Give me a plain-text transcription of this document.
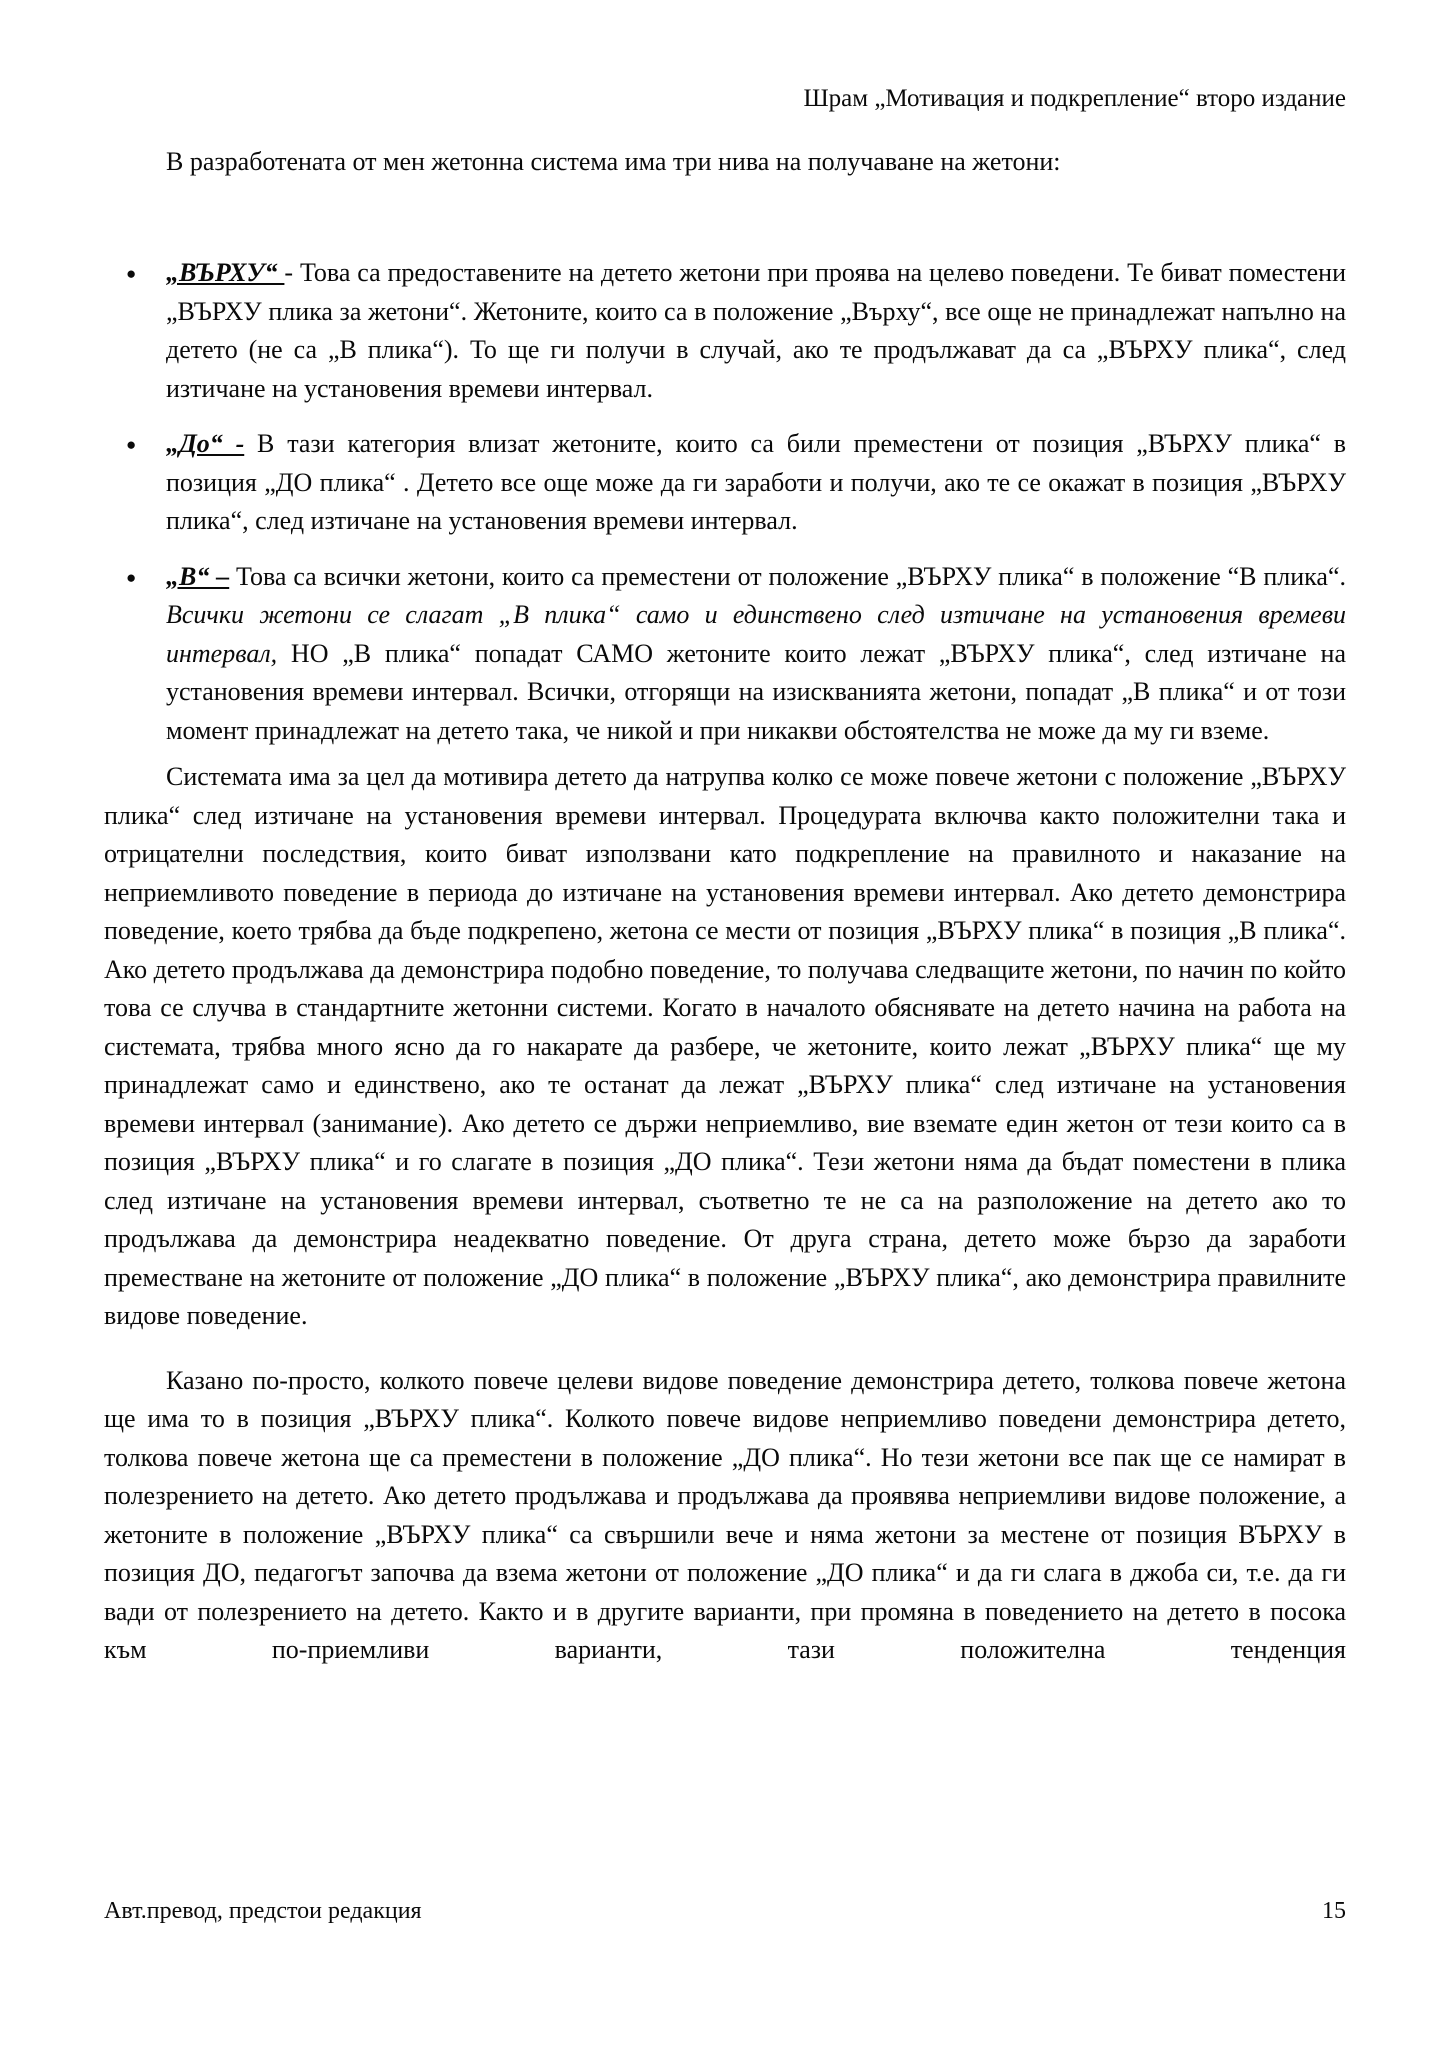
Шрам „Мотивация и подкрепление“ второ издание

В разработената от мен жетонна система има три нива на получаване на жетони:

● „ВЪРХУ“ - Това са предоставените на детето жетони при проява на целево поведени. Те биват поместени „ВЪРХУ плика за жетони“. Жетоните, които са в положение „Върху“, все още не принадлежат напълно на детето (не са „В плика“). То ще ги получи в случай, ако те продължават да са „ВЪРХУ плика“, след изтичане на установения времеви интервал.
● „До“ - В тази категория влизат жетоните, които са били преместени от позиция „ВЪРХУ плика“ в позиция „ДО плика“ . Детето все още може да ги заработи и получи, ако те се окажат в позиция „ВЪРХУ плика“, след изтичане на установения времеви интервал.
● „В“ – Това са всички жетони, които са преместени от положение „ВЪРХУ плика“ в положение “В плика“. Всички жетони се слагат „В плика“ само и единствено след изтичане на установения времеви интервал, НО „В плика“ попадат САМО жетоните които лежат „ВЪРХУ плика“, след изтичане на установения времеви интервал. Всички, отгорящи на изискванията жетони, попадат „В плика“ и от този момент принадлежат на детето така, че никой и при никакви обстоятелства не може да му ги вземе.

Системата има за цел да мотивира детето да натрупва колко се може повече жетони с положение „ВЪРХУ плика“ след изтичане на установения времеви интервал. Процедурата включва както положителни така и отрицателни последствия, които биват използвани като подкрепление на правилното и наказание на неприемливото поведение в периода до изтичане на установения времеви интервал. Ако детето демонстрира поведение, което трябва да бъде подкрепено, жетона се мести от позиция „ВЪРХУ плика“ в позиция „В плика“. Ако детето продължава да демонстрира подобно поведение, то получава следващите жетони, по начин по който това се случва в стандартните жетонни системи. Когато в началото обяснявате на детето начина на работа на системата, трябва много ясно да го накарате да разбере, че жетоните, които лежат „ВЪРХУ плика“ ще му принадлежат само и единствено, ако те останат да лежат „ВЪРХУ плика“ след изтичане на установения времеви интервал (занимание). Ако детето се държи неприемливо, вие вземате един жетон от тези които са в позиция „ВЪРХУ плика“ и го слагате в позиция „ДО плика“. Тези жетони няма да бъдат поместени в плика след изтичане на установения времеви интервал, съответно те не са на разположение на детето ако то продължава да демонстрира неадекватно поведение. От друга страна, детето може бързо да заработи преместване на жетоните от положение „ДО плика“ в положение „ВЪРХУ плика“, ако демонстрира правилните видове поведение.

Казано по-просто, колкото повече целеви видове поведение демонстрира детето, толкова повече жетона ще има то в позиция „ВЪРХУ плика“. Колкото повече видове неприемливо поведени демонстрира детето, толкова повече жетона ще са преместени в положение „ДО плика“. Но тези жетони все пак ще се намират в полезрението на детето. Ако детето продължава и продължава да проявява неприемливи видове положение, а жетоните в положение „ВЪРХУ плика“ са свършили вече и няма жетони за местене от позиция ВЪРХУ в позиция ДО, педагогът започва да взема жетони от положение „ДО плика“ и да ги слага в джоба си, т.е. да ги вади от полезрението на детето. Както и в другите варианти, при промяна в поведението на детето в посока към по-приемливи варианти, тази положителна тенденция

Авт.превод, предстои редакция	15
